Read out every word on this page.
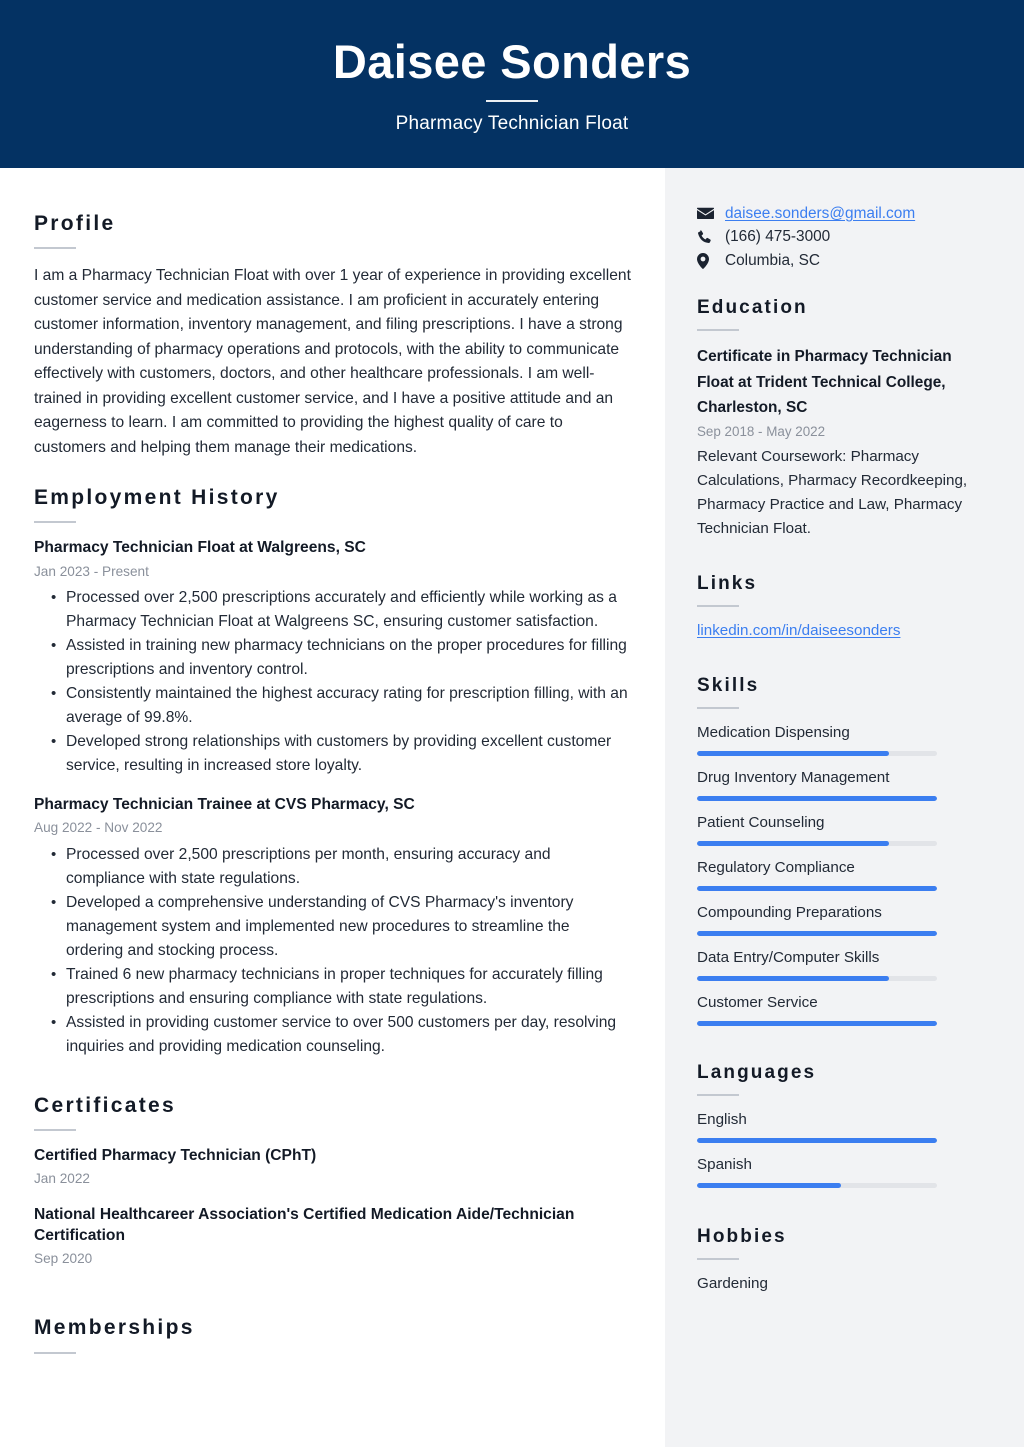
Daisee Sonders
Pharmacy Technician Float
Profile
I am a Pharmacy Technician Float with over 1 year of experience in providing excellent customer service and medication assistance. I am proficient in accurately entering customer information, inventory management, and filing prescriptions. I have a strong understanding of pharmacy operations and protocols, with the ability to communicate effectively with customers, doctors, and other healthcare professionals. I am well-trained in providing excellent customer service, and I have a positive attitude and an eagerness to learn. I am committed to providing the highest quality of care to customers and helping them manage their medications.
Employment History
Pharmacy Technician Float at Walgreens, SC
Jan 2023 - Present
• Processed over 2,500 prescriptions accurately and efficiently while working as a Pharmacy Technician Float at Walgreens SC, ensuring customer satisfaction.
• Assisted in training new pharmacy technicians on the proper procedures for filling prescriptions and inventory control.
• Consistently maintained the highest accuracy rating for prescription filling, with an average of 99.8%.
• Developed strong relationships with customers by providing excellent customer service, resulting in increased store loyalty.
Pharmacy Technician Trainee at CVS Pharmacy, SC
Aug 2022 - Nov 2022
• Processed over 2,500 prescriptions per month, ensuring accuracy and compliance with state regulations.
• Developed a comprehensive understanding of CVS Pharmacy's inventory management system and implemented new procedures to streamline the ordering and stocking process.
• Trained 6 new pharmacy technicians in proper techniques for accurately filling prescriptions and ensuring compliance with state regulations.
• Assisted in providing customer service to over 500 customers per day, resolving inquiries and providing medication counseling.
Certificates
Certified Pharmacy Technician (CPhT)
Jan 2022
National Healthcareer Association's Certified Medication Aide/Technician Certification
Sep 2020
Memberships
daisee.sonders@gmail.com
(166) 475-3000
Columbia, SC
Education
Certificate in Pharmacy Technician Float at Trident Technical College, Charleston, SC
Sep 2018 - May 2022
Relevant Coursework: Pharmacy Calculations, Pharmacy Recordkeeping, Pharmacy Practice and Law, Pharmacy Technician Float.
Links
linkedin.com/in/daiseesonders
Skills
Medication Dispensing
Drug Inventory Management
Patient Counseling
Regulatory Compliance
Compounding Preparations
Data Entry/Computer Skills
Customer Service
Languages
English
Spanish
Hobbies
Gardening
